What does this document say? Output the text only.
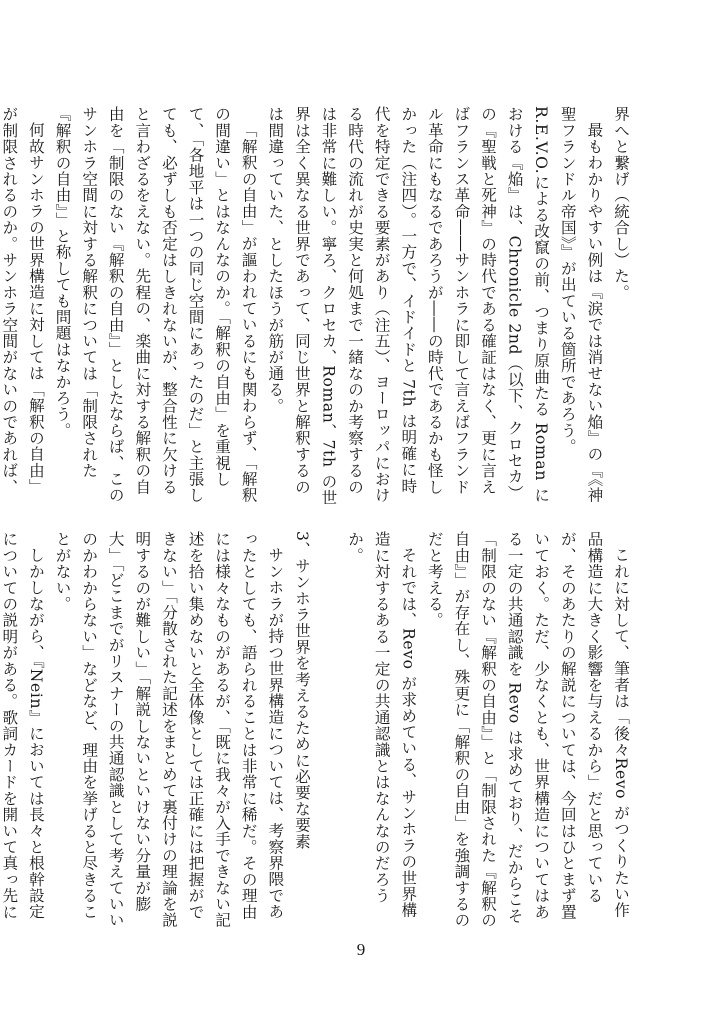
界へと繋げ（統合し）た。

最もわかりやすい例は『涙では消せない焔』の『《神聖フランドル帝国》』が出ている箇所であろう。R.E.V.O.による改竄の前、つまり原曲たる Roman における『焔』は、Chronicle 2nd（以下、クロセカ）の『聖戦と死神』の時代である確証はなく、更に言えばフランス革命――サンホラに即して言えばフランドル革命にもなるであろうが――の時代であるかも怪しかった（注四）。一方で、イドイドと 7th は明確に時代を特定できる要素があり（注五）、ヨーロッパにおける時代の流れが史実と何処まで一緒なのか考察するのは非常に難しい。寧ろ、クロセカ、Roman、7th の世界は全く異なる世界であって、同じ世界と解釈するのは間違っていた、としたほうが筋が通る。

「解釈の自由」が謳われているにも関わらず、「解釈の間違い」とはなんなのか。「解釈の自由」を重視して、「各地平は一つの同じ空間にあったのだ」と主張しても、必ずしも否定はしきれないが、整合性に欠けると言わざるをえない。先程の、楽曲に対する解釈の自由を「制限のない『解釈の自由』」としたならば、このサンホラ空間に対する解釈については「制限された『解釈の自由』」と称しても問題はなかろう。

何故サンホラの世界構造に対しては「解釈の自由」が制限されるのか。サンホラ空間がないのであれば、

これに対して、筆者は「後々Revo がつくりたい作品構造に大きく影響を与えるから」だと思っているが、そのあたりの解説については、今回はひとまず置いておく。ただ、少なくとも、世界構造についてはある一定の共通認識を Revo は求めており、だからこそ「制限のない『解釈の自由』」と「制限された『解釈の自由』」が存在し、殊更に「解釈の自由」を強調するのだと考える。

それでは、Revo が求めている、サンホラの世界構造に対するある一定の共通認識とはなんなのだろうか。

3、サンホラ世界を考えるために必要な要素

サンホラが持つ世界構造については、考察界隈であったとしても、語られることは非常に稀だ。その理由には様々なものがあるが、「既に我々が入手できない記述を拾い集めないと全体像としては正確には把握ができない」「分散された記述をまとめて裏付けの理論を説明するのが難しい」「解説しないといけない分量が膨大」「どこまでがリスナーの共通認識として考えていいのかわからない」などなど、理由を挙げると尽きることがない。

しかしながら、『Nein』においては長々と根幹設定についての説明がある。歌詞カードを開いて真っ先に

9
